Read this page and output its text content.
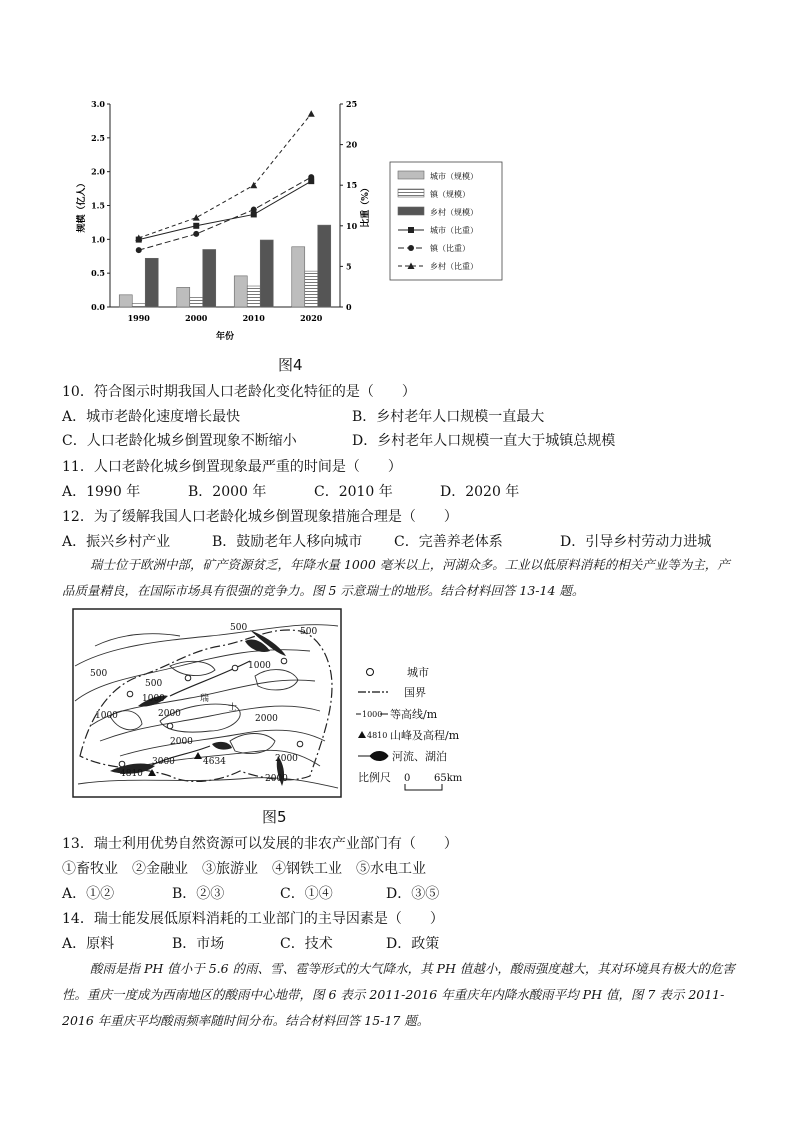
0.0
0.5
1.0
1.5
2.0
2.5
3.0
0
5
10
15
20
25
1990	2000	2010	2020
年份
规模（亿人）	比重（%）
城市（规模）
镇（规模）
乡村（规模）
城市（比重）
镇（比重）
乡村（比重）
图4
10．符合图示时期我国人口老龄化变化特征的是（　　）
A．城市老龄化速度增长最快	B．乡村老年人口规模一直最大
C．人口老龄化城乡倒置现象不断缩小	D．乡村老年人口规模一直大于城镇总规模
11．人口老龄化城乡倒置现象最严重的时间是（　　）
A．1990 年	B．2000 年	C．2010 年	D．2020 年
12．为了缓解我国人口老龄化城乡倒置现象措施合理是（　　）
A．振兴乡村产业	B．鼓励老年人移向城市 C．完善养老体系	D．引导乡村劳动力进城
瑞士位于欧洲中部，矿产资源贫乏，年降水量 1000 毫米以上，河湖众多。工业以低原料消耗的相关产业等为主，产品质量精良，在国际市场具有很强的竞争力。图 5 示意瑞士的地形。结合材料回答 13-14 题。
500
1000
500
1000	2000
1000
500
2000
3000
2000
2000
2000
500
瑞
士
4810
4634
城市
国界
1000 等高线/m
4810 山峰及高程/m
河流、湖泊
比例尺 0 65km
图5
13．瑞士利用优势自然资源可以发展的非农产业部门有（　　）
①畜牧业　②金融业　③旅游业　④钢铁工业　⑤水电工业
A．①②	B．②③	C．①④	D．③⑤
14．瑞士能发展低原料消耗的工业部门的主导因素是（　　）
A．原料	B．市场	C．技术	D．政策
酸雨是指 PH 值小于 5.6 的雨、雪、雹等形式的大气降水，其 PH 值越小，酸雨强度越大，其对环境具有极大的危害性。重庆一度成为西南地区的酸雨中心地带，图 6 表示 2011-2016 年重庆年内降水酸雨平均 PH 值，图 7 表示 2011-2016 年重庆平均酸雨频率随时间分布。结合材料回答 15-17 题。
